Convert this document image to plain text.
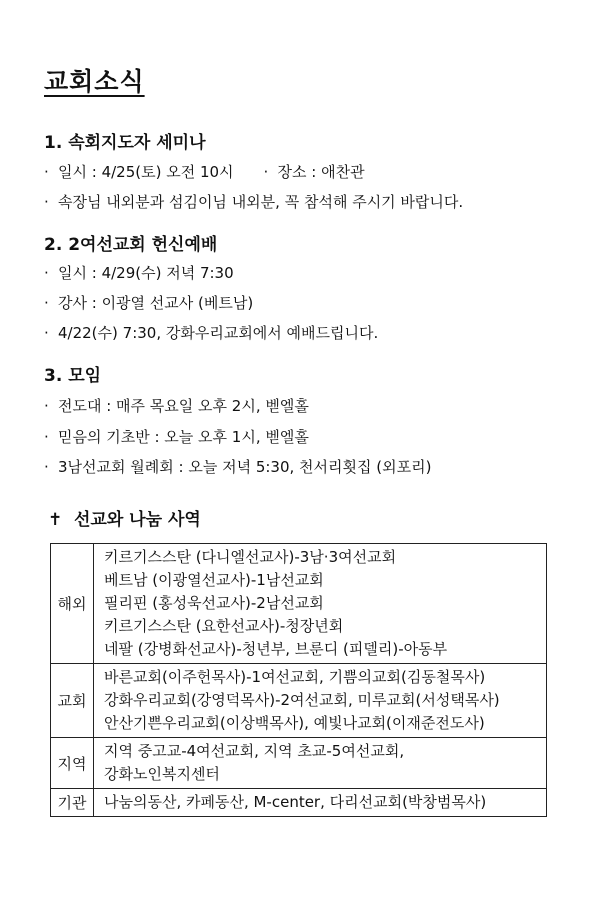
교회소식
1. 속회지도자 세미나
· 일시 : 4/25(토) 오전 10시 · 장소 : 애찬관
· 속장님 내외분과 섬김이님 내외분, 꼭 참석해 주시기 바랍니다.
2. 2여선교회 헌신예배
· 일시 : 4/29(수) 저녁 7:30
· 강사 : 이광열 선교사 (베트남)
· 4/22(수) 7:30, 강화우리교회에서 예배드립니다.
3. 모임
· 전도대 : 매주 목요일 오후 2시, 벧엘홀
· 믿음의 기초반 : 오늘 오후 1시, 벧엘홀
· 3남선교회 월례회 : 오늘 저녁 5:30, 천서리횟집 (외포리)
✝ 선교와 나눔 사역
해외	키르기스스탄 (다니엘선교사)-3남·3여선교회
베트남 (이광열선교사)-1남선교회
필리핀 (홍성욱선교사)-2남선교회
키르기스스탄 (요한선교사)-청장년회
네팔 (강병화선교사)-청년부, 브룬디 (피델리)-아동부

교회	바른교회(이주헌목사)-1여선교회, 기쁨의교회(김동철목사)
강화우리교회(강영덕목사)-2여선교회, 미루교회(서성택목사)
안산기쁜우리교회(이상백목사), 예빛나교회(이재준전도사)

지역	지역 중고교-4여선교회, 지역 초교-5여선교회,
강화노인복지센터

기관	나눔의동산, 카페동산, M-center, 다리선교회(박창범목사)
